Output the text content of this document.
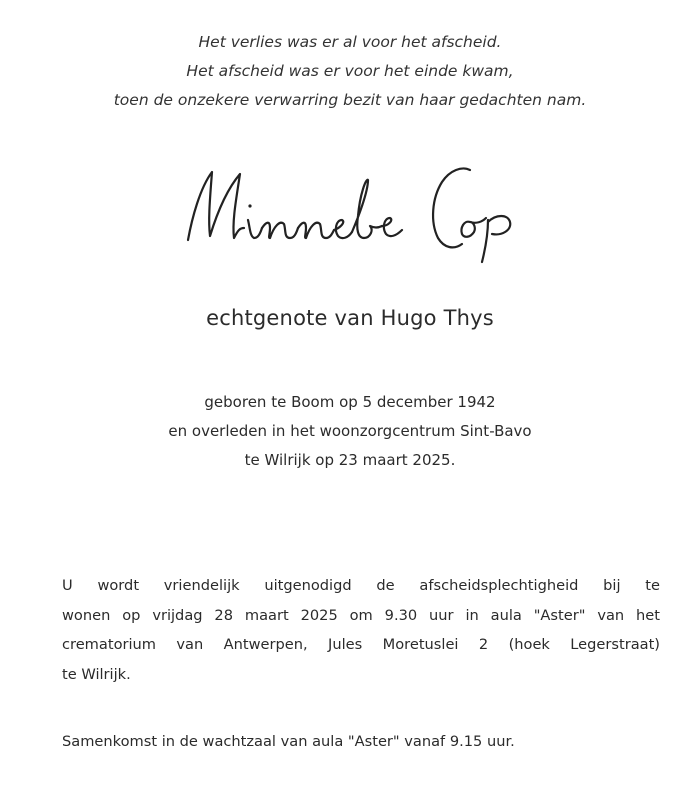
Het verlies was er al voor het afscheid.
Het afscheid was er voor het einde kwam,
toen de onzekere verwarring bezit van haar gedachten nam.
echtgenote van Hugo Thys
geboren te Boom op 5 december 1942
en overleden in het woonzorgcentrum Sint-Bavo
te Wilrijk op 23 maart 2025.
U wordt vriendelijk uitgenodigd de afscheidsplechtigheid bij te
wonen op vrijdag 28 maart 2025 om 9.30 uur in aula "Aster" van het
crematorium van Antwerpen, Jules Moretuslei 2 (hoek Legerstraat)
te Wilrijk.
Samenkomst in de wachtzaal van aula "Aster" vanaf 9.15 uur.
